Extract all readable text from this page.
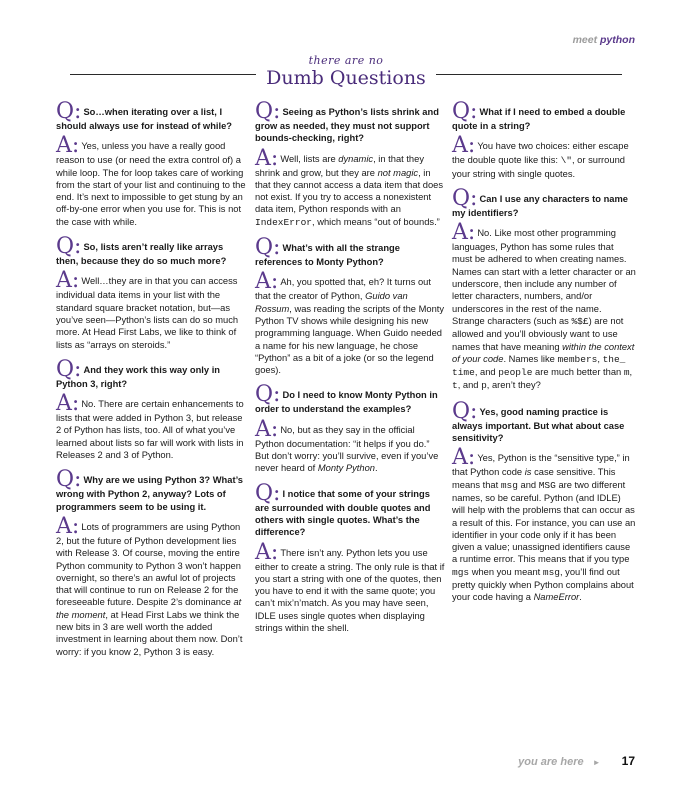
meet python
there are no
Dumb Questions

Q: So…when iterating over a list, I should always use for instead of while?

A: Yes, unless you have a really good reason to use (or need the extra control of) a while loop. The for loop takes care of working from the start of your list and continuing to the end. It’s next to impossible to get stung by an off-by-one error when you use for. This is not the case with while.

Q: So, lists aren’t really like arrays then, because they do so much more?

A: Well…they are in that you can access individual data items in your list with the standard square bracket notation, but—as you’ve seen—Python’s lists can do so much more. At Head First Labs, we like to think of lists as “arrays on steroids.”

Q: And they work this way only in Python 3, right?

A: No. There are certain enhancements to lists that were added in Python 3, but release 2 of Python has lists, too. All of what you’ve learned about lists so far will work with lists in Releases 2 and 3 of Python.

Q: Why are we using Python 3? What’s wrong with Python 2, anyway? Lots of programmers seem to be using it.

A: Lots of programmers are using Python 2, but the future of Python development lies with Release 3. Of course, moving the entire Python community to Python 3 won’t happen overnight, so there’s an awful lot of projects that will continue to run on Release 2 for the foreseeable future. Despite 2’s dominance at the moment, at Head First Labs we think the new bits in 3 are well worth the added investment in learning about them now. Don’t worry: if you know 2, Python 3 is easy.

Q: Seeing as Python’s lists shrink and grow as needed, they must not support bounds-checking, right?

A: Well, lists are dynamic, in that they shrink and grow, but they are not magic, in that they cannot access a data item that does not exist. If you try to access a nonexistent data item, Python responds with an IndexError, which means “out of bounds.”

Q: What’s with all the strange references to Monty Python?

A: Ah, you spotted that, eh? It turns out that the creator of Python, Guido van Rossum, was reading the scripts of the Monty Python TV shows while designing his new programming language. When Guido needed a name for his new language, he chose “Python” as a bit of a joke (or so the legend goes).

Q: Do I need to know Monty Python in order to understand the examples?

A: No, but as they say in the official Python documentation: “it helps if you do.” But don’t worry: you’ll survive, even if you’ve never heard of Monty Python.

Q: I notice that some of your strings are surrounded with double quotes and others with single quotes. What’s the difference?

A: There isn’t any. Python lets you use either to create a string. The only rule is that if you start a string with one of the quotes, then you have to end it with the same quote; you can’t mix’n’match. As you may have seen, IDLE uses single quotes when displaying strings within the shell.

Q: What if I need to embed a double quote in a string?

A: You have two choices: either escape the double quote like this: \", or surround your string with single quotes.

Q: Can I use any characters to name my identifiers?

A: No. Like most other programming languages, Python has some rules that must be adhered to when creating names. Names can start with a letter character or an underscore, then include any number of letter characters, numbers, and/or underscores in the rest of the name. Strange characters (such as %$£) are not allowed and you’ll obviously want to use names that have meaning within the context of your code. Names like members, the_ time, and people are much better than m, t, and p, aren’t they?

Q: Yes, good naming practice is always important. But what about case sensitivity?

A: Yes, Python is the “sensitive type,” in that Python code is case sensitive. This means that msg and MSG are two different names, so be careful. Python (and IDLE) will help with the problems that can occur as a result of this. For instance, you can use an identifier in your code only if it has been given a value; unassigned identifiers cause a runtime error. This means that if you type mgs when you meant msg, you’ll find out pretty quickly when Python complains about your code having a NameError.

you are here ► 17
